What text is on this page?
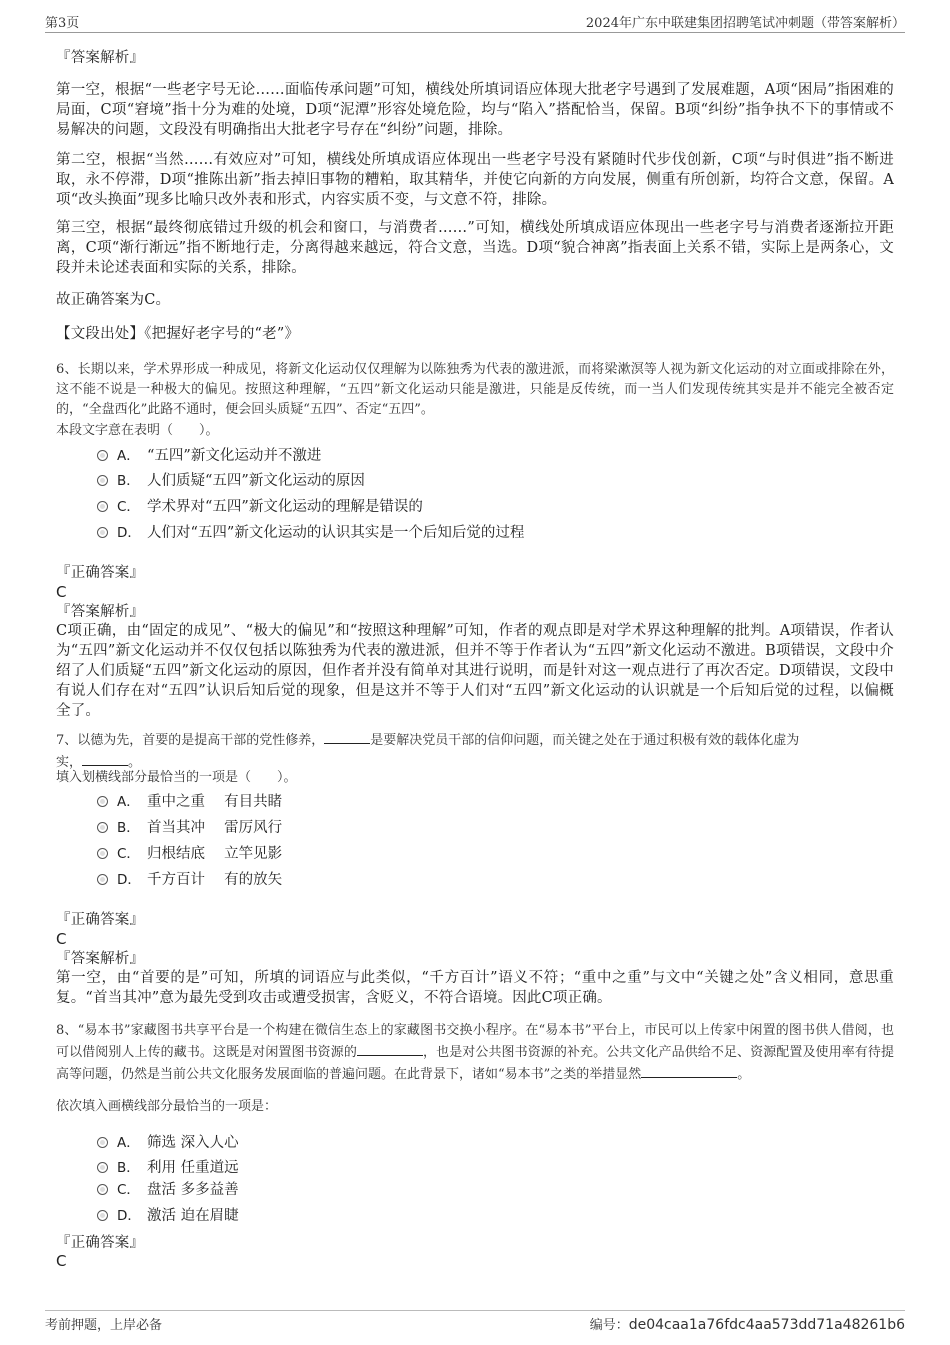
第3页	2024年广东中联建集团招聘笔试冲刺题（带答案解析）
『答案解析』

第一空，根据“一些老字号无论……面临传承问题”可知，横线处所填词语应体现大批老字号遇到了发展难题，A项“困局”指困难的局面，C项“窘境”指十分为难的处境，D项“泥潭”形容处境危险，均与“陷入”搭配恰当，保留。B项“纠纷”指争执不下的事情或不易解决的问题，文段没有明确指出大批老字号存在“纠纷”问题，排除。

第二空，根据“当然……有效应对”可知，横线处所填成语应体现出一些老字号没有紧随时代步伐创新，C项“与时俱进”指不断进取，永不停滞，D项“推陈出新”指去掉旧事物的糟粕，取其精华，并使它向新的方向发展，侧重有所创新，均符合文意，保留。A项“改头换面”现多比喻只改外表和形式，内容实质不变，与文意不符，排除。

第三空，根据“最终彻底错过升级的机会和窗口，与消费者……”可知，横线处所填成语应体现出一些老字号与消费者逐渐拉开距离，C项“渐行渐远”指不断地行走，分离得越来越远，符合文意，当选。D项“貌合神离”指表面上关系不错，实际上是两条心，文段并未论述表面和实际的关系，排除。

故正确答案为C。
【文段出处】《把握好老字号的“老”》

6、长期以来，学术界形成一种成见，将新文化运动仅仅理解为以陈独秀为代表的激进派，而将梁漱溟等人视为新文化运动的对立面或排除在外，这不能不说是一种极大的偏见。按照这种理解，“五四”新文化运动只能是激进，只能是反传统，而一当人们发现传统其实是并不能完全被否定的，“全盘西化”此路不通时，便会回头质疑“五四”、否定“五四”。

本段文字意在表明（　　）。
A． “五四”新文化运动并不激进
B． 人们质疑“五四”新文化运动的原因
C． 学术界对“五四”新文化运动的理解是错误的
D． 人们对“五四”新文化运动的认识其实是一个后知后觉的过程
『正确答案』
C
『答案解析』

C项正确，由“固定的成见”、“极大的偏见”和“按照这种理解”可知，作者的观点即是对学术界这种理解的批判。A项错误，作者认为“五四”新文化运动并不仅仅包括以陈独秀为代表的激进派，但并不等于作者认为“五四”新文化运动不激进。B项错误，文段中介绍了人们质疑“五四”新文化运动的原因，但作者并没有简单对其进行说明，而是针对这一观点进行了再次否定。D项错误，文段中有说人们存在对“五四”认识后知后觉的现象，但是这并不等于人们对“五四”新文化运动的认识就是一个后知后觉的过程，以偏概全了。

7、以德为先，首要的是提高干部的党性修养，	是要解决党员干部的信仰问题，而关键之处在于通过积极有效的载体化虚为
实，	。
填入划横线部分最恰当的一项是（　　）。
A． 重中之重　 有目共睹
B． 首当其冲　 雷厉风行
C． 归根结底　 立竿见影
D． 千方百计　 有的放矢
『正确答案』
C
『答案解析』

第一空，由“首要的是”可知，所填的词语应与此类似，“千方百计”语义不符；“重中之重”与文中“关键之处”含义相同，意思重复。“首当其冲”意为最先受到攻击或遭受损害，含贬义，不符合语境。因此C项正确。

8、“易本书”家藏图书共享平台是一个构建在微信生态上的家藏图书交换小程序。在“易本书”平台上，市民可以上传家中闲置的图书供人借阅，也可以借阅别人上传的藏书。这既是对闲置图书资源的	，也是对公共图书资源的补充。公共文化产品供给不足、资源配置及使用率有待提高等问题，仍然是当前公共文化服务发展面临的普遍问题。在此背景下，诸如“易本书”之类的举措显然	。

依次填入画横线部分最恰当的一项是：
A． 筛选 深入人心
B． 利用 任重道远
C． 盘活 多多益善
D． 激活 迫在眉睫
『正确答案』
C
考前押题，上岸必备	编号：de04caa1a76fdc4aa573dd71a48261b6
